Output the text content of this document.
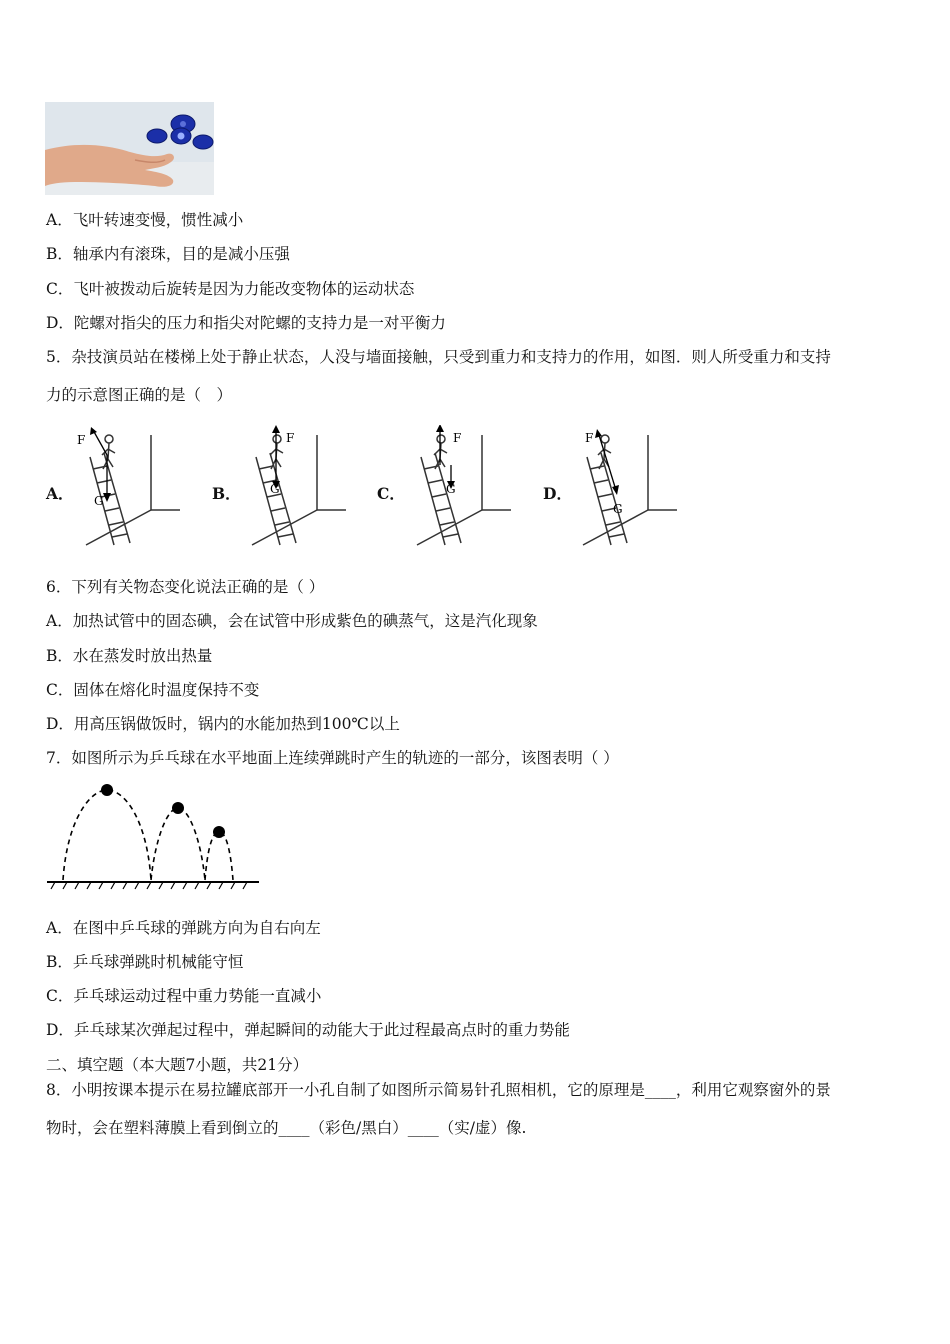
A．飞叶转速变慢，惯性减小
B．轴承内有滚珠，目的是减小压强
C．飞叶被拨动后旋转是因为力能改变物体的运动状态
D．陀螺对指尖的压力和指尖对陀螺的支持力是一对平衡力
5．杂技演员站在楼梯上处于静止状态，人没与墙面接触，只受到重力和支持力的作用，如图．则人所受重力和支持
力的示意图正确的是（　）
A．	B．	C．	D．
F
G
F
G
F
G
F
G
6．下列有关物态变化说法正确的是（ ）
A．加热试管中的固态碘，会在试管中形成紫色的碘蒸气，这是汽化现象
B．水在蒸发时放出热量
C．固体在熔化时温度保持不变
D．用高压锅做饭时，锅内的水能加热到100℃以上
7．如图所示为乒乓球在水平地面上连续弹跳时产生的轨迹的一部分，该图表明（ ）
A．在图中乒乓球的弹跳方向为自右向左
B．乒乓球弹跳时机械能守恒
C．乒乓球运动过程中重力势能一直减小
D．乒乓球某次弹起过程中，弹起瞬间的动能大于此过程最高点时的重力势能
二、填空题（本大题7小题，共21分）
8．小明按课本提示在易拉罐底部开一小孔自制了如图所示简易针孔照相机，它的原理是____，利用它观察窗外的景
物时，会在塑料薄膜上看到倒立的____（彩色/黑白）____（实/虚）像.
